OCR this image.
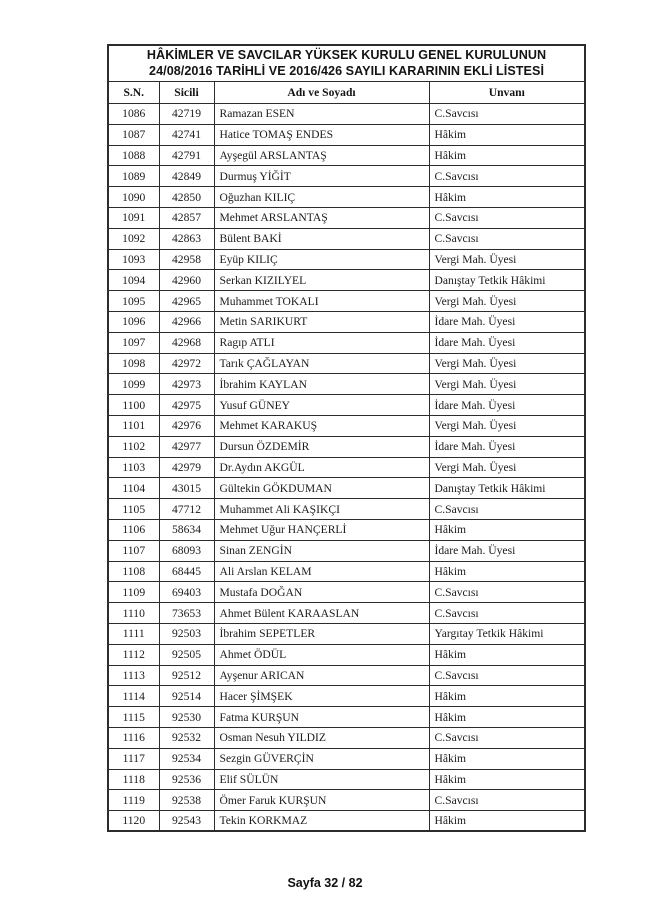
HÂKİMLER VE SAVCILAR YÜKSEK KURULU GENEL KURULUNUN
24/08/2016 TARİHLİ VE 2016/426 SAYILI KARARININ EKLİ LİSTESİ			

S.N.	Sicili	Adı ve Soyadı	Unvanı
1086	42719	Ramazan ESEN	C.Savcısı
1087	42741	Hatice TOMAŞ ENDES	Hâkim
1088	42791	Ayşegül ARSLANTAŞ	Hâkim
1089	42849	Durmuş YİĞİT	C.Savcısı
1090	42850	Oğuzhan KILIÇ	Hâkim
1091	42857	Mehmet ARSLANTAŞ	C.Savcısı
1092	42863	Bülent BAKİ	C.Savcısı
1093	42958	Eyüp KILIÇ	Vergi Mah. Üyesi
1094	42960	Serkan KIZILYEL	Danıştay Tetkik Hâkimi
1095	42965	Muhammet TOKALI	Vergi Mah. Üyesi
1096	42966	Metin SARIKURT	İdare Mah. Üyesi
1097	42968	Ragıp ATLI	İdare Mah. Üyesi
1098	42972	Tarık ÇAĞLAYAN	Vergi Mah. Üyesi
1099	42973	İbrahim KAYLAN	Vergi Mah. Üyesi
1100	42975	Yusuf GÜNEY	İdare Mah. Üyesi
1101	42976	Mehmet KARAKUŞ	Vergi Mah. Üyesi
1102	42977	Dursun ÖZDEMİR	İdare Mah. Üyesi
1103	42979	Dr.Aydın AKGÜL	Vergi Mah. Üyesi
1104	43015	Gültekin GÖKDUMAN	Danıştay Tetkik Hâkimi
1105	47712	Muhammet Ali KAŞIKÇI	C.Savcısı
1106	58634	Mehmet Uğur HANÇERLİ	Hâkim
1107	68093	Sinan ZENGİN	İdare Mah. Üyesi
1108	68445	Ali Arslan KELAM	Hâkim
1109	69403	Mustafa DOĞAN	C.Savcısı
1110	73653	Ahmet Bülent KARAASLAN	C.Savcısı
1111	92503	İbrahim SEPETLER	Yargıtay Tetkik Hâkimi
1112	92505	Ahmet ÖDÜL	Hâkim
1113	92512	Ayşenur ARICAN	C.Savcısı
1114	92514	Hacer ŞİMŞEK	Hâkim
1115	92530	Fatma KURŞUN	Hâkim
1116	92532	Osman Nesuh YILDIZ	C.Savcısı
1117	92534	Sezgin GÜVERÇİN	Hâkim
1118	92536	Elif SÜLÜN	Hâkim
1119	92538	Ömer Faruk KURŞUN	C.Savcısı
1120	92543	Tekin KORKMAZ	Hâkim
Sayfa 32 / 82
